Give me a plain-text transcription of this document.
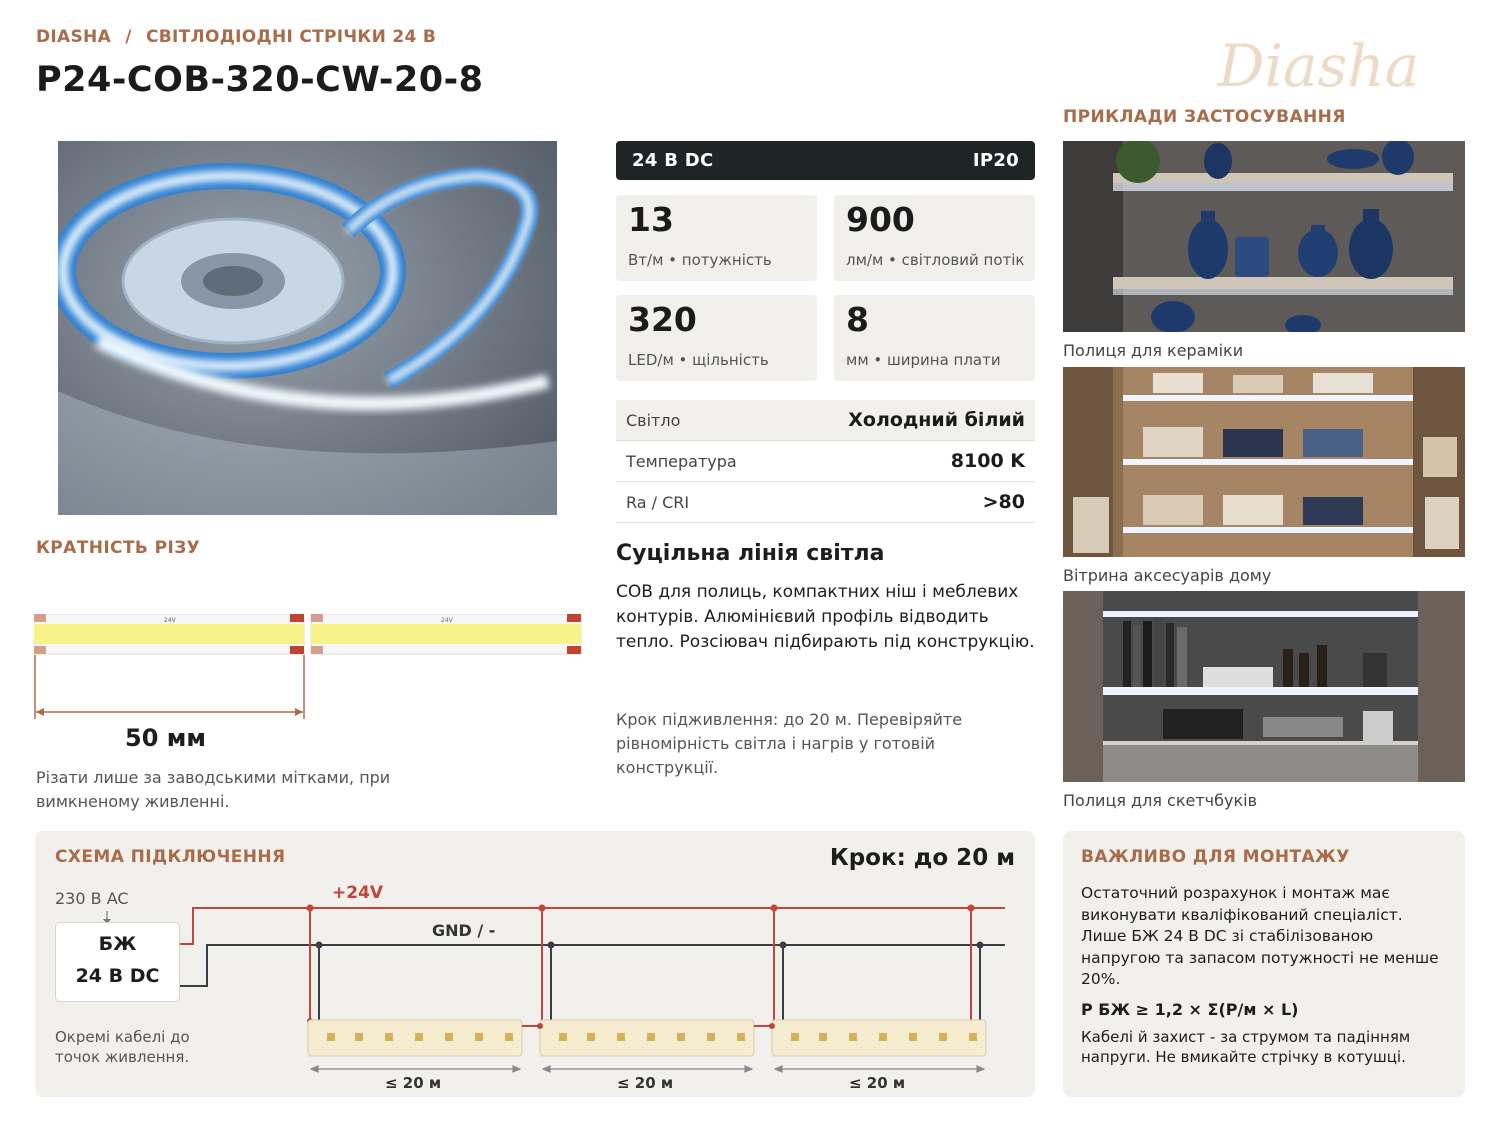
DIASHA / СВІТЛОДІОДНІ СТРІЧКИ 24 В
P24-COB-320-CW-20-8	Diasha
КРАТНІСТЬ РІЗУ
24V	24V
50 мм
Різати лише за заводськими мітками, при вимкненому живленні.
24 В DC	IP20
13
Вт/м • потужність
900
лм/м • світловий потік
320
LED/м • щільність
8
мм • ширина плати
Світло	Холодний білий
Температура	8100 K
Ra / CRI	>80
Суцільна лінія світла
COB для полиць, компактних ніш і меблевих контурів. Алюмінієвий профіль відводить тепло. Розсіювач підбирають під конструкцію.
Крок підживлення: до 20 м. Перевіряйте рівномірність світла і нагрів у готовій конструкції.
ПРИКЛАДИ ЗАСТОСУВАННЯ
Полиця для кераміки
Вітрина аксесуарів дому
Полиця для скетчбуків
СХЕМА ПІДКЛЮЧЕННЯ	Крок: до 20 м
230 В AC
БЖ
24 В DC
Окремі кабелі до точок живлення.
+24V
GND / -
≤ 20 м	≤ 20 м	≤ 20 м
ВАЖЛИВО ДЛЯ МОНТАЖУ
Остаточний розрахунок і монтаж має виконувати кваліфікований спеціаліст. Лише БЖ 24 В DC зі стабілізованою напругою та запасом потужності не менше 20%.
P БЖ ≥ 1,2 × Σ(P/м × L)
Кабелі й захист - за струмом та падінням напруги. Не вмикайте стрічку в котушці.
